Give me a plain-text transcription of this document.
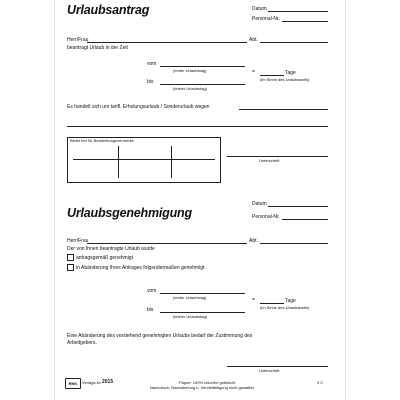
Urlaubsantrag	Datum
Personal-Nr.
Herr/Frau	Abt.
beantragt Urlaub in der Zeit
vom
(erster Urlaubstag)	=	Tage
(im Sinne des Urlaubstarifs)
bis
(letzter Urlaubstag)
Es handelt sich um tarifl. Erholungsurlaub / Sonderurlaub wegen
Bleibt frei für Bearbeitungsvermerke
Unterschrift
Urlaubsgenehmigung
Datum
Personal-Nr.
Herr/Frau	Abt.
Der von Ihnen beantragte Urlaub wurde
antragsgemäß genehmigt
in Abänderung Ihres Antrages folgendermaßen genehmigt
vom
(erster Urlaubstag)	=	Tage
(im Sinne des Urlaubstarifs)
bis
(letzter Urlaubstag)
Eine Abänderung des vorstehend genehmigten Urlaubs bedarf der Zustimmung des
Arbeitgebers.
Unterschrift
RNK	Verlags-Nr. 2015	Papier: 100% chlorfrei gebleicht
Nachdruck, Nachahmung u. Vervielfältigung nicht gestattet
9 C
